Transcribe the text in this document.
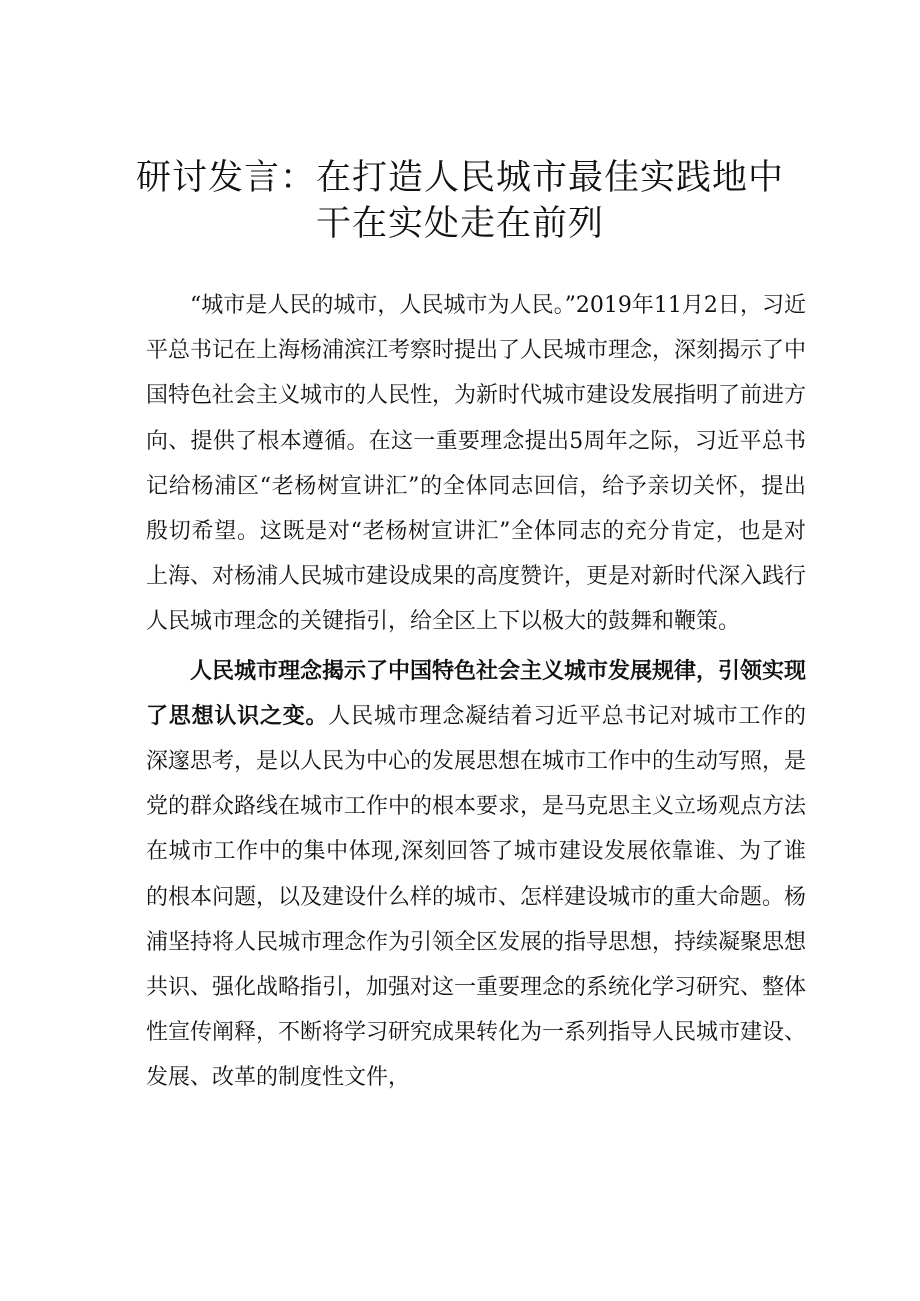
研讨发言：在打造人民城市最佳实践地中
干在实处走在前列

“城市是人民的城市，人民城市为人民。”2019年11月2日，习近平总书记在上海杨浦滨江考察时提出了人民城市理念，深刻揭示了中国特色社会主义城市的人民性，为新时代城市建设发展指明了前进方向、提供了根本遵循。在这一重要理念提出5周年之际，习近平总书记给杨浦区“老杨树宣讲汇”的全体同志回信，给予亲切关怀，提出殷切希望。这既是对“老杨树宣讲汇”全体同志的充分肯定，也是对上海、对杨浦人民城市建设成果的高度赞许，更是对新时代深入践行人民城市理念的关键指引，给全区上下以极大的鼓舞和鞭策。

人民城市理念揭示了中国特色社会主义城市发展规律，引领实现了思想认识之变。人民城市理念凝结着习近平总书记对城市工作的深邃思考，是以人民为中心的发展思想在城市工作中的生动写照，是党的群众路线在城市工作中的根本要求，是马克思主义立场观点方法在城市工作中的集中体现,深刻回答了城市建设发展依靠谁、为了谁的根本问题，以及建设什么样的城市、怎样建设城市的重大命题。杨浦坚持将人民城市理念作为引领全区发展的指导思想，持续凝聚思想共识、强化战略指引，加强对这一重要理念的系统化学习研究、整体性宣传阐释，不断将学习研究成果转化为一系列指导人民城市建设、发展、改革的制度性文件，
